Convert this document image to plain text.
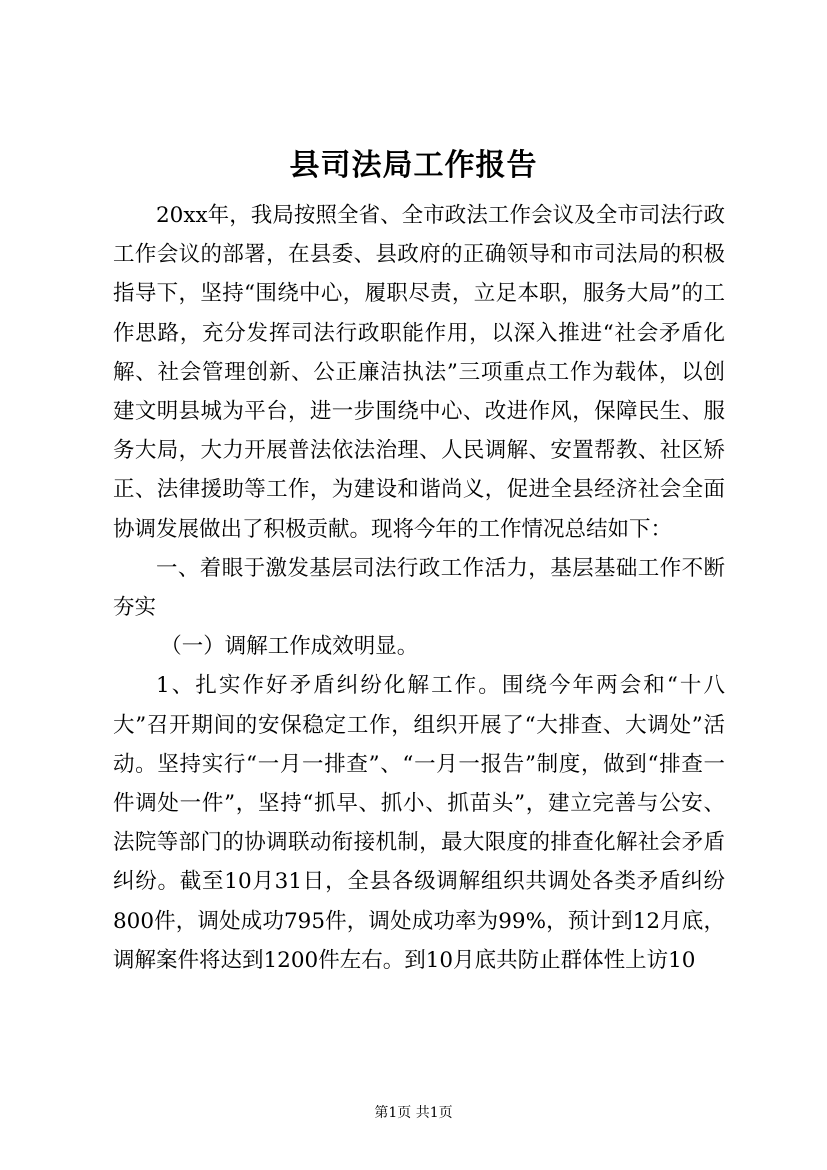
县司法局工作报告

20xx年，我局按照全省、全市政法工作会议及全市司法行政工作会议的部署，在县委、县政府的正确领导和市司法局的积极指导下，坚持“围绕中心，履职尽责，立足本职，服务大局”的工作思路，充分发挥司法行政职能作用，以深入推进“社会矛盾化解、社会管理创新、公正廉洁执法”三项重点工作为载体，以创建文明县城为平台，进一步围绕中心、改进作风，保障民生、服务大局，大力开展普法依法治理、人民调解、安置帮教、社区矫正、法律援助等工作，为建设和谐尚义，促进全县经济社会全面协调发展做出了积极贡献。现将今年的工作情况总结如下：

一、着眼于激发基层司法行政工作活力，基层基础工作不断夯实

（一）调解工作成效明显。

1、扎实作好矛盾纠纷化解工作。围绕今年两会和“十八大”召开期间的安保稳定工作，组织开展了“大排查、大调处”活动。坚持实行“一月一排查”、“一月一报告”制度，做到“排查一件调处一件”，坚持“抓早、抓小、抓苗头”，建立完善与公安、法院等部门的协调联动衔接机制，最大限度的排查化解社会矛盾纠纷。截至10月31日，全县各级调解组织共调处各类矛盾纠纷800件，调处成功795件，调处成功率为99%，预计到12月底，调解案件将达到1200件左右。到10月底共防止群体性上访10

第1页 共1页
